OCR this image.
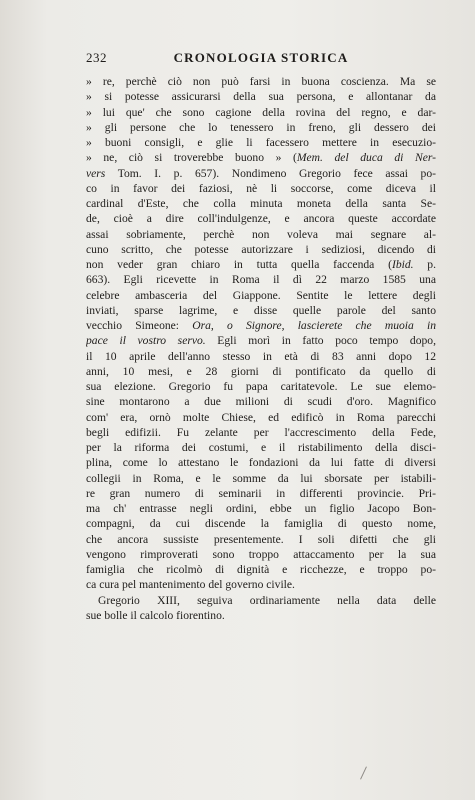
232	CRONOLOGIA STORICA
» re, perchè ciò non può farsi in buona coscienza. Ma se
» si potesse assicurarsi della sua persona, e allontanar da
» lui que' che sono cagione della rovina del regno, e dar-
» gli persone che lo tenessero in freno, gli dessero dei
» buoni consigli, e glie li facessero mettere in esecuzio-
» ne, ciò si troverebbe buono » (Mem. del duca di Ner-
vers Tom. I. p. 657). Nondimeno Gregorio fece assai po-
co in favor dei faziosi, nè li soccorse, come diceva il
cardinal d'Este, che colla minuta moneta della santa Se-
de, cioè a dire coll'indulgenze, e ancora queste accordate
assai sobriamente, perchè non voleva mai segnare al-
cuno scritto, che potesse autorizzare i sediziosi, dicendo di
non veder gran chiaro in tutta quella faccenda (Ibid. p.
663). Egli ricevette in Roma il dì 22 marzo 1585 una
celebre ambasceria del Giappone. Sentite le lettere degli
inviati, sparse lagrime, e disse quelle parole del santo
vecchio Simeone: Ora, o Signore, lascierete che muoia in
pace il vostro servo. Egli morì in fatto poco tempo dopo,
il 10 aprile dell'anno stesso in età di 83 anni dopo 12
anni, 10 mesi, e 28 giorni di pontificato da quello di
sua elezione. Gregorio fu papa caritatevole. Le sue elemo-
sine montarono a due milioni di scudi d'oro. Magnifico
com' era, ornò molte Chiese, ed edificò in Roma parecchi
begli edifizii. Fu zelante per l'accrescimento della Fede,
per la riforma dei costumi, e il ristabilimento della disci-
plina, come lo attestano le fondazioni da lui fatte di diversi
collegii in Roma, e le somme da lui sborsate per istabili-
re gran numero di seminarii in differenti provincie. Pri-
ma ch' entrasse negli ordini, ebbe un figlio Jacopo Bon-
compagni, da cui discende la famiglia di questo nome,
che ancora sussiste presentemente. I soli difetti che gli
vengono rimproverati sono troppo attaccamento per la sua
famiglia che ricolmò di dignità e ricchezze, e troppo po-
ca cura pel mantenimento del governo civile.
Gregorio XIII, seguiva ordinariamente nella data delle
sue bolle il calcolo fiorentino.
